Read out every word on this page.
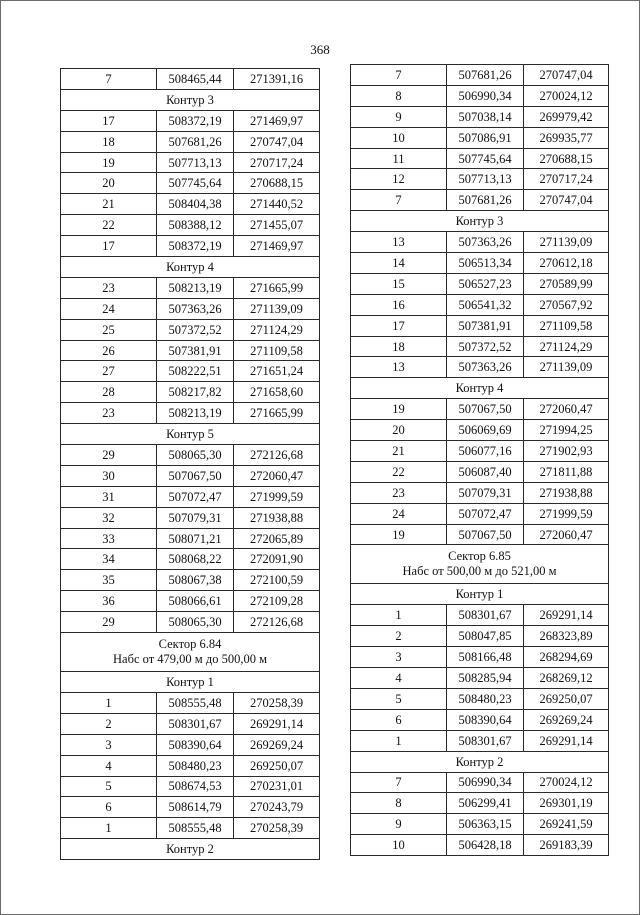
368
7	508465,44	271391,16
Контур 3		
17	508372,19	271469,97
18	507681,26	270747,04
19	507713,13	270717,24
20	507745,64	270688,15
21	508404,38	271440,52
22	508388,12	271455,07
17	508372,19	271469,97
Контур 4		
23	508213,19	271665,99
24	507363,26	271139,09
25	507372,52	271124,29
26	507381,91	271109,58
27	508222,51	271651,24
28	508217,82	271658,60
23	508213,19	271665,99
Контур 5		
29	508065,30	272126,68
30	507067,50	272060,47
31	507072,47	271999,59
32	507079,31	271938,88
33	508071,21	272065,89
34	508068,22	272091,90
35	508067,38	272100,59
36	508066,61	272109,28
29	508065,30	272126,68

Сектор 6.84
Набс от 479,00 м до 500,00 м		

Контур 1		
1	508555,48	270258,39
2	508301,67	269291,14
3	508390,64	269269,24
4	508480,23	269250,07
5	508674,53	270231,01
6	508614,79	270243,79
1	508555,48	270258,39
Контур 2		
7	507681,26	270747,04
8	506990,34	270024,12
9	507038,14	269979,42
10	507086,91	269935,77
11	507745,64	270688,15
12	507713,13	270717,24
7	507681,26	270747,04
Контур 3		
13	507363,26	271139,09
14	506513,34	270612,18
15	506527,23	270589,99
16	506541,32	270567,92
17	507381,91	271109,58
18	507372,52	271124,29
13	507363,26	271139,09
Контур 4		
19	507067,50	272060,47
20	506069,69	271994,25
21	506077,16	271902,93
22	506087,40	271811,88
23	507079,31	271938,88
24	507072,47	271999,59
19	507067,50	272060,47

Сектор 6.85
Набс от 500,00 м до 521,00 м		

Контур 1		
1	508301,67	269291,14
2	508047,85	268323,89
3	508166,48	268294,69
4	508285,94	268269,12
5	508480,23	269250,07
6	508390,64	269269,24
1	508301,67	269291,14
Контур 2		
7	506990,34	270024,12
8	506299,41	269301,19
9	506363,15	269241,59
10	506428,18	269183,39
